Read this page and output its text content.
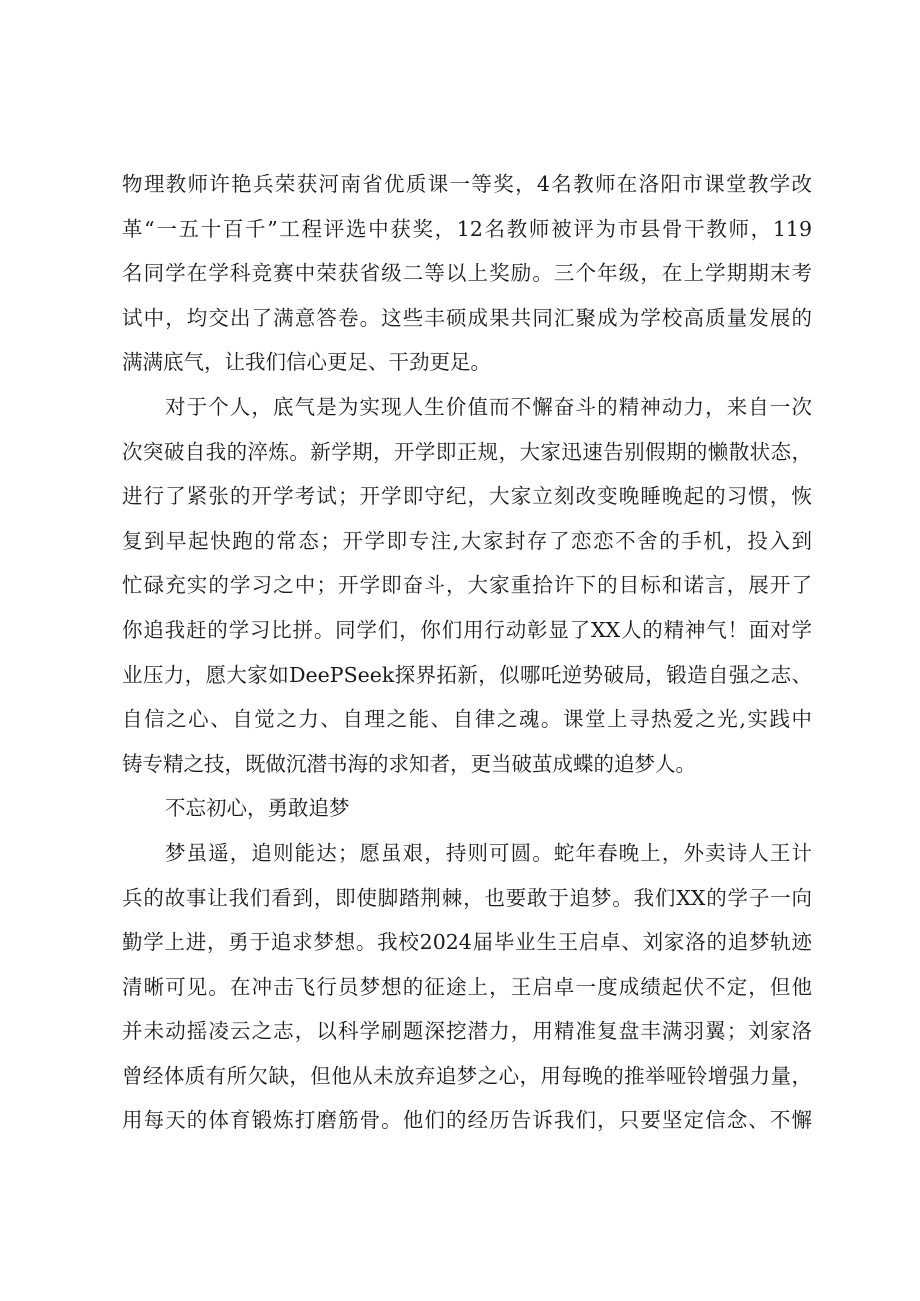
物理教师许艳兵荣获河南省优质课一等奖，4名教师在洛阳市课堂教学改
革“一五十百千”工程评选中获奖，12名教师被评为市县骨干教师，119
名同学在学科竞赛中荣获省级二等以上奖励。三个年级，在上学期期末考
试中，均交出了满意答卷。这些丰硕成果共同汇聚成为学校高质量发展的
满满底气，让我们信心更足、干劲更足。
对于个人，底气是为实现人生价值而不懈奋斗的精神动力，来自一次
次突破自我的淬炼。新学期，开学即正规，大家迅速告别假期的懒散状态，
进行了紧张的开学考试；开学即守纪，大家立刻改变晚睡晚起的习惯，恢
复到早起快跑的常态；开学即专注,大家封存了恋恋不舍的手机，投入到
忙碌充实的学习之中；开学即奋斗，大家重拾许下的目标和诺言，展开了
你追我赶的学习比拼。同学们，你们用行动彰显了XX人的精神气！面对学
业压力，愿大家如DeePSeek探界拓新，似哪吒逆势破局，锻造自强之志、
自信之心、自觉之力、自理之能、自律之魂。课堂上寻热爱之光,实践中
铸专精之技，既做沉潜书海的求知者，更当破茧成蝶的追梦人。
不忘初心，勇敢追梦
梦虽遥，追则能达；愿虽艰，持则可圆。蛇年春晚上，外卖诗人王计
兵的故事让我们看到，即使脚踏荆棘，也要敢于追梦。我们XX的学子一向
勤学上进，勇于追求梦想。我校2024届毕业生王启卓、刘家洛的追梦轨迹
清晰可见。在冲击飞行员梦想的征途上，王启卓一度成绩起伏不定，但他
并未动摇凌云之志，以科学刷题深挖潜力，用精准复盘丰满羽翼；刘家洛
曾经体质有所欠缺，但他从未放弃追梦之心，用每晚的推举哑铃增强力量，
用每天的体育锻炼打磨筋骨。他们的经历告诉我们，只要坚定信念、不懈
